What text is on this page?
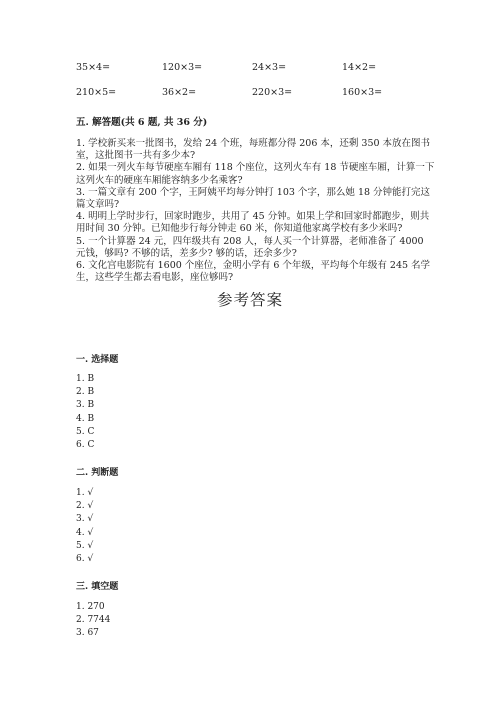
35×4=	120×3=	24×3=	14×2=
210×5=	36×2=	220×3=	160×3=
五. 解答题(共 6 题, 共 36 分)

1. 学校新买来一批图书，发给 24 个班，每班都分得 206 本，还剩 350 本放在图书室，这批图书一共有多少本?

2. 如果一列火车每节硬座车厢有 118 个座位，这列火车有 18 节硬座车厢，计算一下这列火车的硬座车厢能容纳多少名乘客?

3. 一篇文章有 200 个字，王阿姨平均每分钟打 103 个字，那么她 18 分钟能打完这篇文章吗?

4. 明明上学时步行，回家时跑步，共用了 45 分钟。如果上学和回家时都跑步，则共用时间 30 分钟。已知他步行每分钟走 60 米，你知道他家离学校有多少米吗?

5. 一个计算器 24 元，四年级共有 208 人，每人买一个计算器，老师准备了 4000 元钱，够吗? 不够的话，差多少? 够的话，还余多少?

6. 文化宫电影院有 1600 个座位，金明小学有 6 个年级，平均每个年级有 245 名学生，这些学生都去看电影，座位够吗?

参考答案
一. 选择题
1. B
2. B
3. B
4. B
5. C
6. C
二. 判断题
1. √
2. √
3. √
4. √
5. √
6. √
三. 填空题
1. 270
2. 7744
3. 67
